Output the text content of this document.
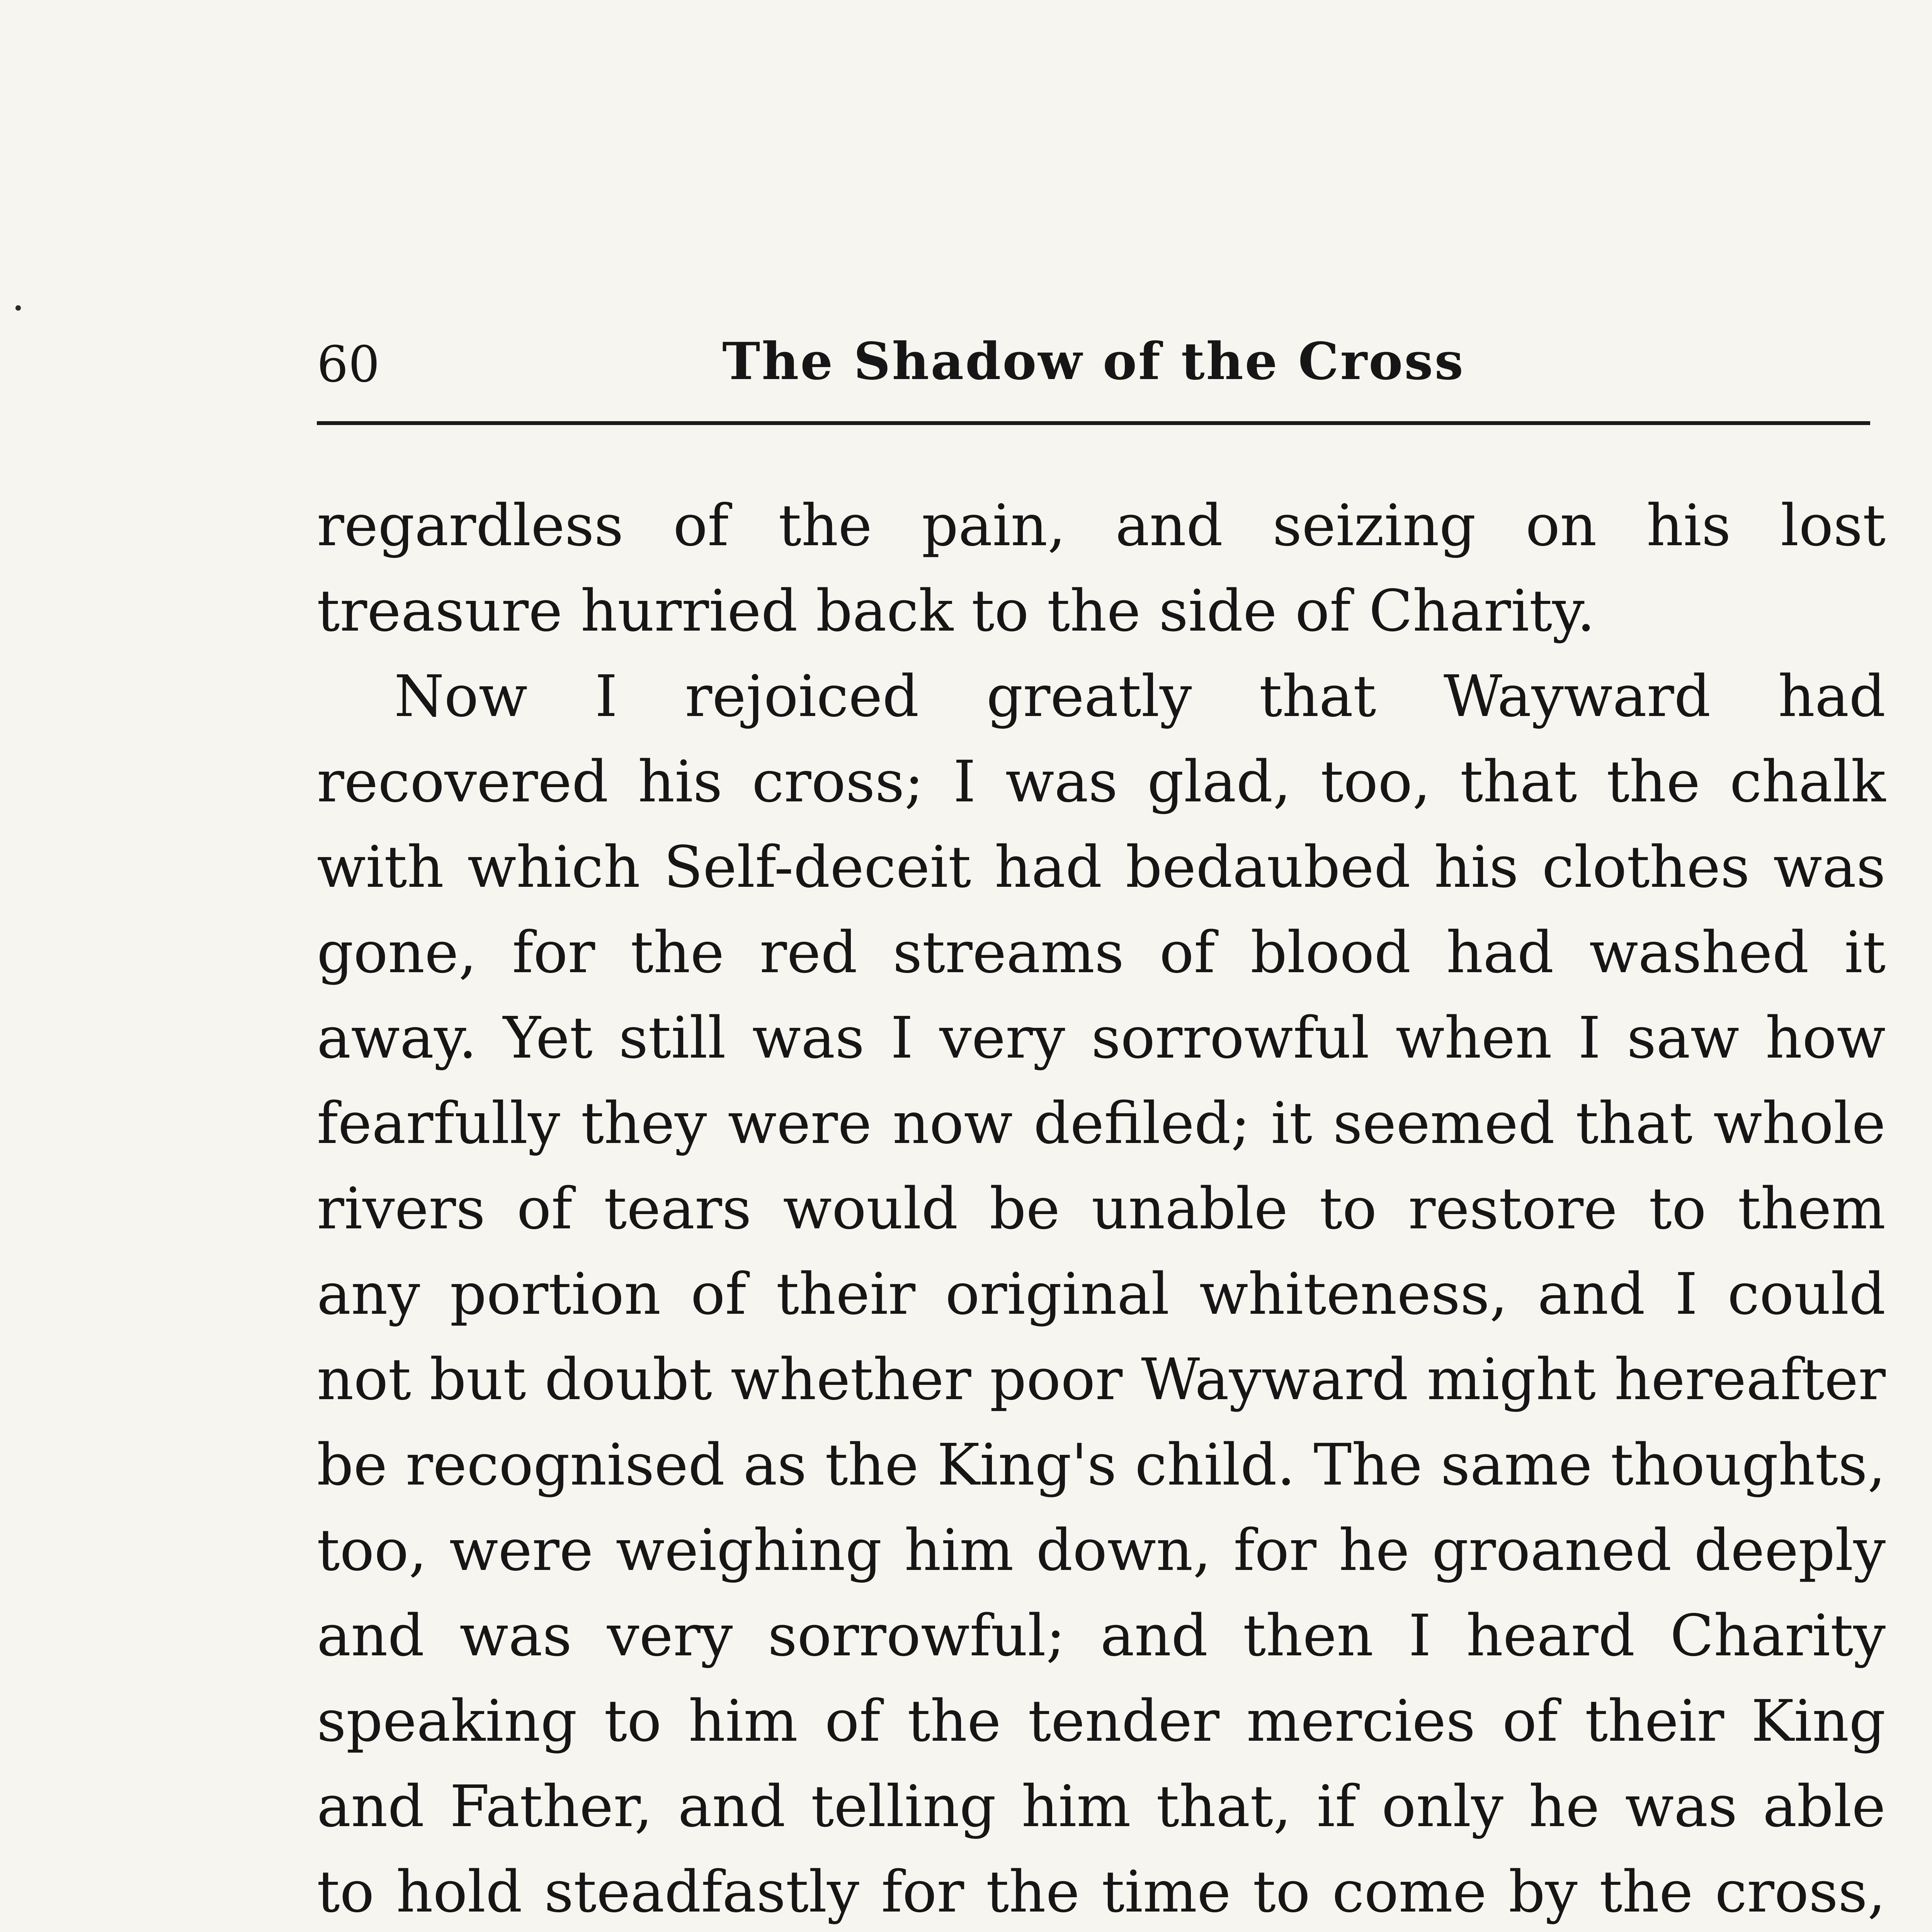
60	The Shadow of the Cross

regardless of the pain, and seizing on his lost treasure hurried back to the side of Charity.

Now I rejoiced greatly that Wayward had recovered his cross; I was glad, too, that the chalk with which Self-deceit had bedaubed his clothes was gone, for the red streams of blood had washed it away. Yet still was I very sorrowful when I saw how fearfully they were now defiled; it seemed that whole rivers of tears would be unable to restore to them any portion of their original whiteness, and I could not but doubt whether poor Wayward might hereafter be recognised as the King's child. The same thoughts, too, were weighing him down, for he groaned deeply and was very sorrowful; and then I heard Charity speaking to him of the tender mercies of their King and Father, and telling him that, if only he was able to hold steadfastly for the time to come by the cross,
